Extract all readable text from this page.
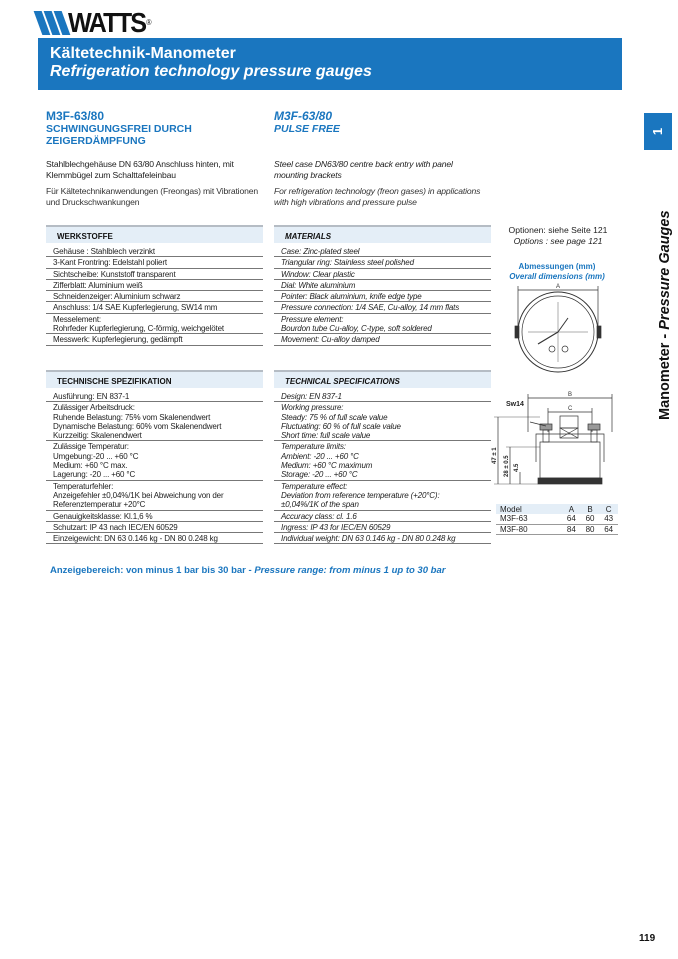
WATTS®
Kältetechnik-Manometer
Refrigeration technology pressure gauges
M3F-63/80
SCHWINGUNGSFREI DURCH ZEIGERDÄMPFUNG
Stahlblechgehäuse DN 63/80 Anschluss hinten, mit Klemmbügel zum Schalttafeleinbau
Für Kältetechnikanwendungen (Freongas) mit Vibrationen und Druckschwankungen
M3F-63/80
PULSE FREE
Steel case DN63/80 centre back entry with panel mounting brackets
For refrigeration technology (freon gases) in applications with high vibrations and pressure pulse
WERKSTOFFE
Gehäuse : Stahlblech verzinkt
3-Kant Frontring: Edelstahl poliert
Sichtscheibe: Kunststoff transparent
Zifferblatt: Aluminium weiß
Schneidenzeiger: Aluminium schwarz
Anschluss: 1/4 SAE Kupferlegierung, SW14 mm
Messelement:
Rohrfeder Kupferlegierung, C-förmig, weichgelötet
Messwerk: Kupferlegierung, gedämpft
MATERIALS
Case: Zinc-plated steel
Triangular ring: Stainless steel polished
Window: Clear plastic
Dial: White aluminium
Pointer: Black aluminium, knife edge type
Pressure connection: 1/4 SAE, Cu-alloy, 14 mm flats
Pressure element:
Bourdon tube Cu-alloy, C-type, soft soldered
Movement: Cu-alloy damped
TECHNISCHE SPEZIFIKATION
Ausführung: EN 837-1
Zulässiger Arbeitsdruck:
Ruhende Belastung: 75% vom Skalenendwert
Dynamische Belastung: 60% vom Skalenendwert
Kurzzeitig: Skalenendwert
Zulässige Temperatur:
Umgebung:-20 ... +60 °C
Medium: +60 °C max.
Lagerung: -20 ... +60 °C
Temperaturfehler:
Anzeigefehler ±0,04%/1K bei Abweichung von der
Referenztemperatur +20°C
Genauigkeitsklasse: Kl.1,6 %
Schutzart: IP 43 nach IEC/EN 60529
Einzeigewicht: DN 63 0.146 kg - DN 80 0.248 kg
TECHNICAL SPECIFICATIONS
Design: EN 837-1
Working pressure:
Steady: 75 % of full scale value
Fluctuating: 60 % of full scale value
Short time: full scale value
Temperature limits:
Ambient: -20 ... +60 °C
Medium: +60 °C maximum
Storage: -20 ... +60 °C
Temperature effect:
Deviation from reference temperature (+20°C):
±0,04%/1K of the span
Accuracy class: cl. 1.6
Ingress: IP 43 for IEC/EN 60529
Individual weight: DN 63 0.146 kg - DN 80 0.248 kg
Optionen: siehe Seite 121
Options : see page 121
Abmessungen (mm)
Overall dimensions (mm)
A
B
C
Sw14
47 ± 1 28 ± 0.5 4.5
Model	A	B	C
M3F-63	64	60	43
M3F-80	84	80	64
Anzeigebereich: von minus 1 bar bis 30 bar - Pressure range: from minus 1 up to 30 bar
1
Manometer - Pressure Gauges
119
